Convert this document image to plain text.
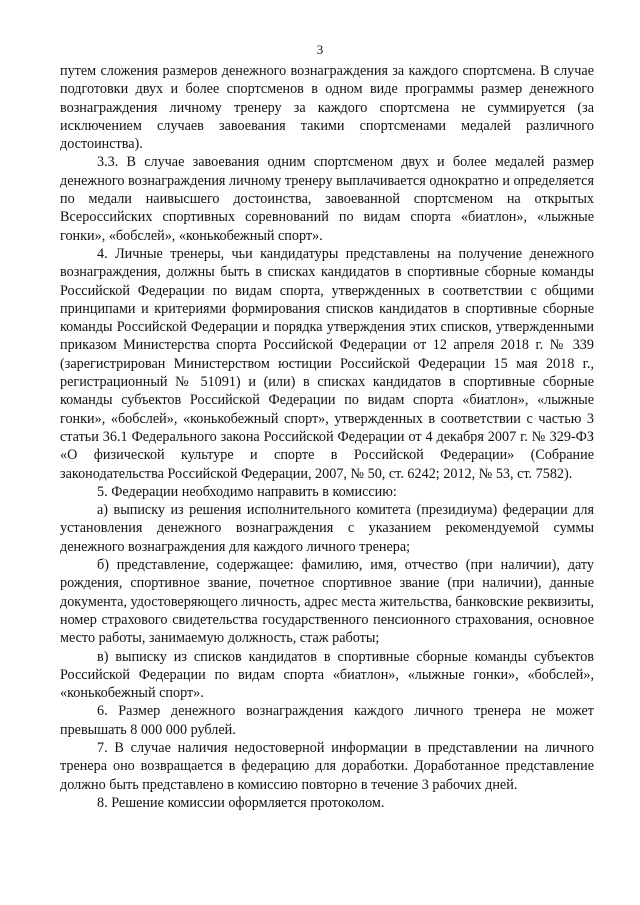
3

путем сложения размеров денежного вознаграждения за каждого спортсмена. В случае подготовки двух и более спортсменов в одном виде программы размер денежного вознаграждения личному тренеру за каждого спортсмена не суммируется (за исключением случаев завоевания такими спортсменами медалей различного достоинства).

3.3. В случае завоевания одним спортсменом двух и более медалей размер денежного вознаграждения личному тренеру выплачивается однократно и определяется по медали наивысшего достоинства, завоеванной спортсменом на открытых Всероссийских спортивных соревнований по видам спорта «биатлон», «лыжные гонки», «бобслей», «конькобежный спорт».

4. Личные тренеры, чьи кандидатуры представлены на получение денежного вознаграждения, должны быть в списках кандидатов в спортивные сборные команды Российской Федерации по видам спорта, утвержденных в соответствии с общими принципами и критериями формирования списков кандидатов в спортивные сборные команды Российской Федерации и порядка утверждения этих списков, утвержденными приказом Министерства спорта Российской Федерации от 12 апреля 2018 г. № 339 (зарегистрирован Министерством юстиции Российской Федерации 15 мая 2018 г., регистрационный № 51091) и (или) в списках кандидатов в спортивные сборные команды субъектов Российской Федерации по видам спорта «биатлон», «лыжные гонки», «бобслей», «конькобежный спорт», утвержденных в соответствии с частью 3 статьи 36.1 Федерального закона Российской Федерации от 4 декабря 2007 г. № 329-ФЗ «О физической культуре и спорте в Российской Федерации» (Собрание законодательства Российской Федерации, 2007, № 50, ст. 6242; 2012, № 53, ст. 7582).

5. Федерации необходимо направить в комиссию:

а) выписку из решения исполнительного комитета (президиума) федерации для установления денежного вознаграждения с указанием рекомендуемой суммы денежного вознаграждения для каждого личного тренера;

б) представление, содержащее: фамилию, имя, отчество (при наличии), дату рождения, спортивное звание, почетное спортивное звание (при наличии), данные документа, удостоверяющего личность, адрес места жительства, банковские реквизиты, номер страхового свидетельства государственного пенсионного страхования, основное место работы, занимаемую должность, стаж работы;

в) выписку из списков кандидатов в спортивные сборные команды субъектов Российской Федерации по видам спорта «биатлон», «лыжные гонки», «бобслей», «конькобежный спорт».

6. Размер денежного вознаграждения каждого личного тренера не может превышать 8 000 000 рублей.

7. В случае наличия недостоверной информации в представлении на личного тренера оно возвращается в федерацию для доработки. Доработанное представление должно быть представлено в комиссию повторно в течение 3 рабочих дней.

8. Решение комиссии оформляется протоколом.
